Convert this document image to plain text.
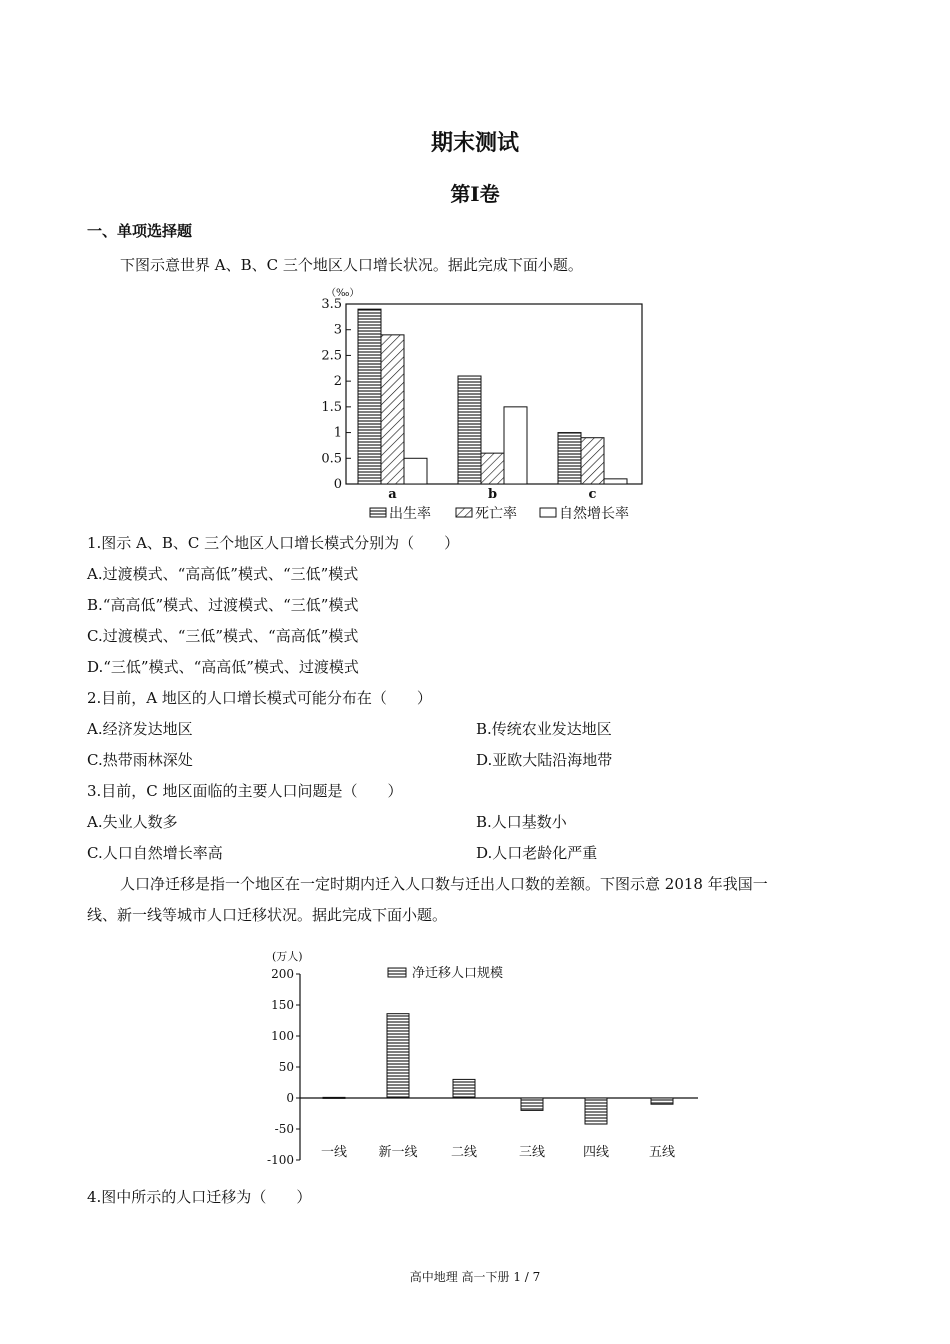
期末测试
第Ⅰ卷
一、单项选择题
下图示意世界 A、B、C 三个地区人口增长状况。据此完成下面小题。
（‰）
0
0.5
1
1.5
2
2.5
3
3.5
a	b	c
出生率	死亡率	自然增长率
1.图示 A、B、C 三个地区人口增长模式分别为（　　）
A.过渡模式、“高高低”模式、“三低”模式
B.“高高低”模式、过渡模式、“三低”模式
C.过渡模式、“三低”模式、“高高低”模式
D.“三低”模式、“高高低”模式、过渡模式
2.目前，A 地区的人口增长模式可能分布在（　　）
A.经济发达地区	B.传统农业发达地区
C.热带雨林深处	D.亚欧大陆沿海地带
3.目前，C 地区面临的主要人口问题是（　　）
A.失业人数多	B.人口基数小
C.人口自然增长率高	D.人口老龄化严重
人口净迁移是指一个地区在一定时期内迁入人口数与迁出人口数的差额。下图示意 2018 年我国一
线、新一线等城市人口迁移状况。据此完成下面小题。
(万人)
-100
-50
0
50
100
150
200
一线 新一线	二线	三线	四线	五线
净迁移人口规模
4.图中所示的人口迁移为（　　）
高中地理 高一下册 1 / 7
